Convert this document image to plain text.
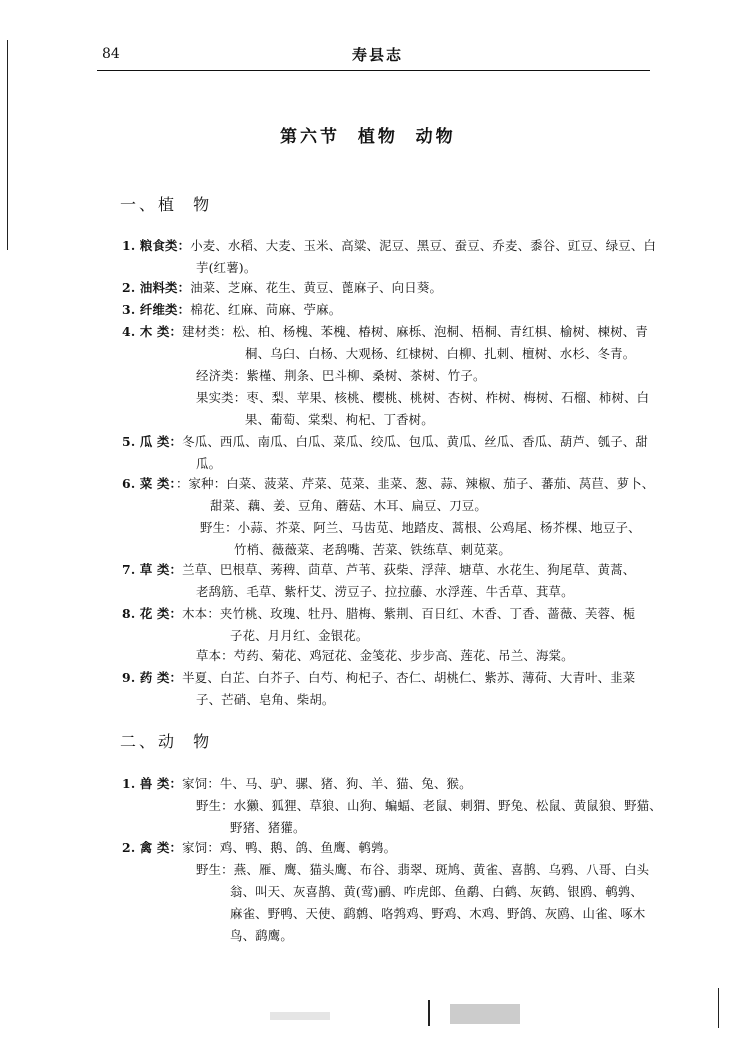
84	寿县志
第六节  植物  动物
一、植  物
二、动  物
1. 粮食类：小麦、水稻、大麦、玉米、高粱、泥豆、黑豆、蚕豆、乔麦、黍谷、豇豆、绿豆、白
芋(红薯)。
2. 油料类：油菜、芝麻、花生、黄豆、蓖麻子、向日葵。
3. 纤维类：棉花、红麻、苘麻、苧麻。
4. 木 类：建材类：松、柏、杨槐、苯槐、椿树、麻栎、泡桐、梧桐、青红椇、榆树、楝树、青
桐、乌臼、白杨、大观杨、红棣树、白柳、扎刺、檀树、水杉、冬青。
经济类：紫槿、荆条、巴斗柳、桑树、茶树、竹子。
果实类：枣、梨、苹果、核桃、樱桃、桃树、杏树、柞树、梅树、石榴、柿树、白
果、葡萄、棠梨、枸杞、丁香树。
5. 瓜 类：冬瓜、西瓜、南瓜、白瓜、菜瓜、绞瓜、包瓜、黄瓜、丝瓜、香瓜、葫芦、瓠子、甜
瓜。
6. 菜 类：：家种：白菜、菠菜、芹菜、苋菜、韭菜、葱、蒜、辣椒、茄子、蕃茄、莴苣、萝卜、
甜菜、藕、姜、豆角、蘑菇、木耳、扁豆、刀豆。
野生：小蒜、芥菜、阿兰、马齿苋、地踏皮、蒿根、公鸡尾、杨芥棵、地豆子、
竹梢、薇薇菜、老鸹嘴、苦菜、铁练草、刺苋菜。
7. 草 类：兰草、巴根草、莠稗、茴草、芦苇、荻柴、浮萍、塘草、水花生、狗尾草、黄蒿、
老鸹筋、毛草、紫杆艾、涝豆子、拉拉藤、水浮莲、牛舌草、萁草。
8. 花 类：木本：夹竹桃、玫瑰、牡丹、腊梅、紫荆、百日红、木香、丁香、蔷薇、芙蓉、栀
子花、月月红、金银花。
草本：芍药、菊花、鸡冠花、金笺花、步步高、莲花、吊兰、海棠。
9. 药 类：半夏、白芷、白芥子、白芍、枸杞子、杏仁、胡桃仁、紫苏、薄荷、大青叶、韭菜
子、芒硝、皂角、柴胡。
1. 兽 类：家饲：牛、马、驴、骡、猪、狗、羊、猫、兔、猴。
野生：水獭、狐狸、草狼、山狗、蝙蝠、老鼠、刺猬、野兔、松鼠、黄鼠狼、野猫、
野猪、猪獾。
2. 禽 类：家饲：鸡、鸭、鹅、鸽、鱼鹰、鹌鹑。
野生：燕、雁、鹰、猫头鹰、布谷、翡翠、斑鸠、黄雀、喜鹊、乌鸦、八哥、白头
翁、叫天、灰喜鹊、黄(莺)鹂、咋虎郎、鱼鹬、白鹤、灰鹤、银鸥、鹌鹑、
麻雀、野鸭、天使、鹞鹩、咯鹁鸡、野鸡、木鸡、野鸽、灰鸥、山雀、啄木
鸟、鹞鹰。
